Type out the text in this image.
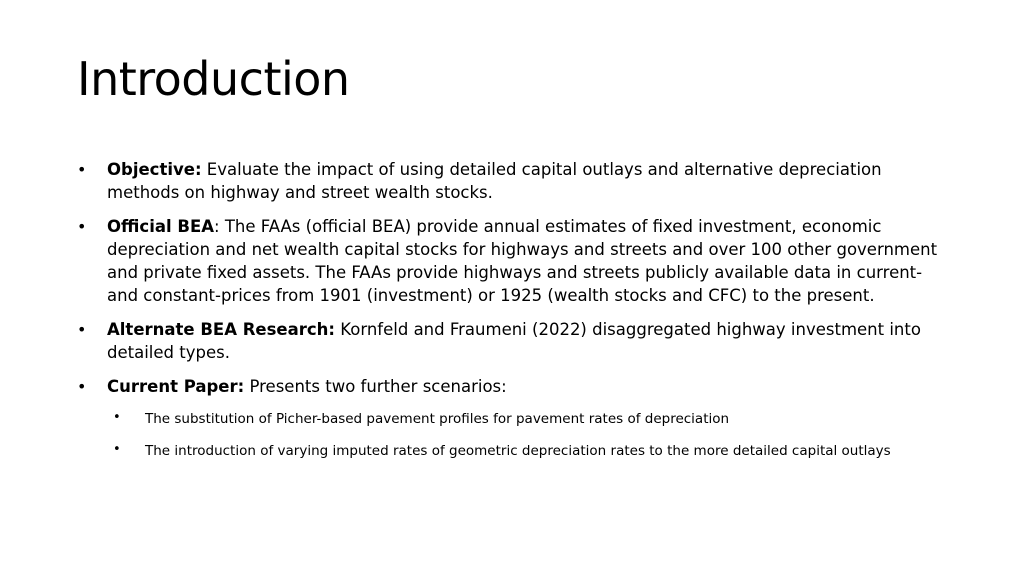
Introduction
• Objective: Evaluate the impact of using detailed capital outlays and alternative depreciation methods on highway and street wealth stocks.
• Official BEA: The FAAs (official BEA) provide annual estimates of fixed investment, economic depreciation and net wealth capital stocks for highways and streets and over 100 other government and private fixed assets. The FAAs provide highways and streets publicly available data in current- and constant-prices from 1901 (investment) or 1925 (wealth stocks and CFC) to the present.
• Alternate BEA Research: Kornfeld and Fraumeni (2022) disaggregated highway investment into detailed types.
• Current Paper: Presents two further scenarios:
• The substitution of Picher-based pavement profiles for pavement rates of depreciation
• The introduction of varying imputed rates of geometric depreciation rates to the more detailed capital outlays
